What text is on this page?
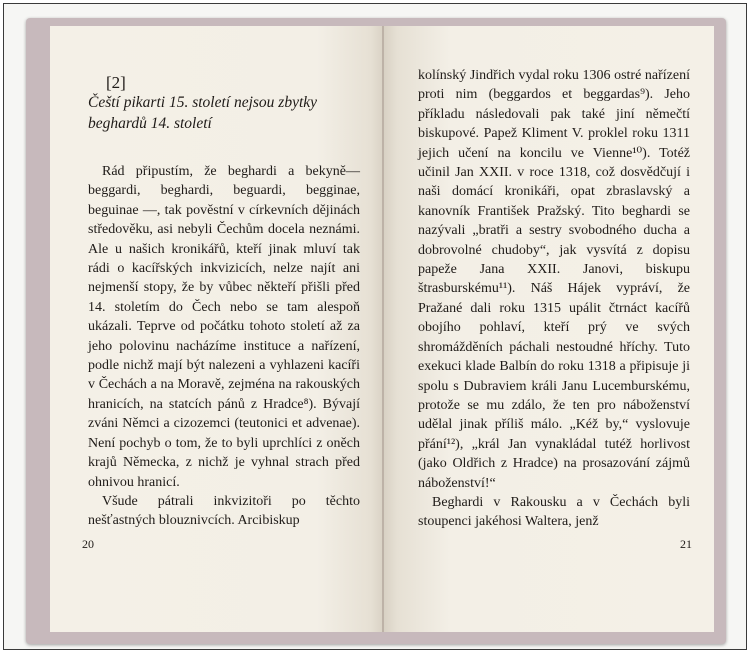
[2]
Čeští pikarti 15. století nejsou zbytky beghardů 14. století

Rád připustím, že beghardi a bekyně— beggardi, beghardi, beguardi, begginae, beguinae —, tak pověstní v církevních dějinách středověku, asi nebyli Čechům docela neznámi. Ale u našich kronikářů, kteří jinak mluví tak rádi o kacířských inkvizicích, nelze najít ani nejmenší stopy, že by vůbec někteří přišli před 14. stoletím do Čech nebo se tam alespoň ukázali. Teprve od počátku tohoto století až za jeho polovinu nacházíme instituce a nařízení, podle nichž mají být nalezeni a vyhlazeni kacíři v Čechách a na Moravě, zejména na rakouských hranicích, na statcích pánů z Hradce⁸). Bývají zváni Němci a cizozemci (teutonici et advenae). Není pochyb o tom, že to byli uprchlíci z oněch krajů Německa, z nichž je vyhnal strach před ohnivou hranicí.

Všude pátrali inkvizitoři po těchto nešťastných blouznivcích. Arcibiskup

20

kolínský Jindřich vydal roku 1306 ostré nařízení proti nim (beggardos et beggardas⁹). Jeho příkladu následovali pak také jiní němečtí biskupové. Papež Kliment V. proklel roku 1311 jejich učení na koncilu ve Vienne¹⁰). Totéž učinil Jan XXII. v roce 1318, což dosvědčují i naši domácí kronikáři, opat zbraslavský a kanovník František Pražský. Tito beghardi se nazývali „bratři a sestry svobodného ducha a dobrovolné chudoby“, jak vysvítá z dopisu papeže Jana XXII. Janovi, biskupu štrasburskému¹¹). Náš Hájek vypráví, že Pražané dali roku 1315 upálit čtrnáct kacířů obojího pohlaví, kteří prý ve svých shromážděních páchali nestoudné hříchy. Tuto exekuci klade Balbín do roku 1318 a připisuje ji spolu s Dubraviem králi Janu Lucemburskému, protože se mu zdálo, že ten pro náboženství udělal jinak příliš málo. „Kéž by,“ vyslovuje přání¹²), „král Jan vynakládal tutéž horlivost (jako Oldřich z Hradce) na prosazování zájmů náboženství!“

Beghardi v Rakousku a v Čechách byli stoupenci jakéhosi Waltera, jenž

21
